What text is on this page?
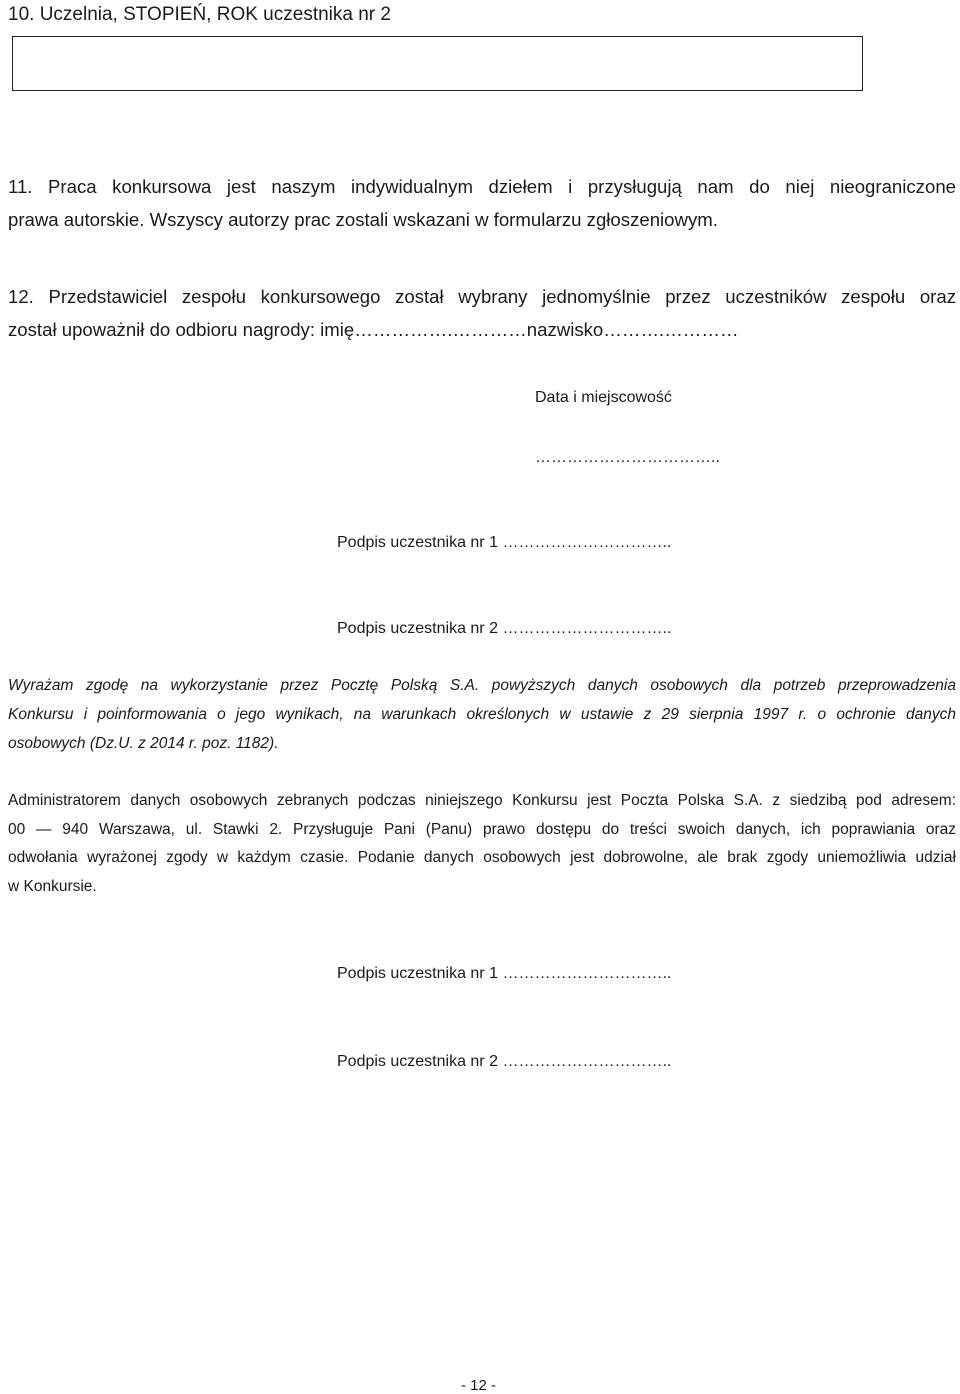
10. Uczelnia, STOPIEŃ, ROK uczestnika nr 2
11. Praca konkursowa jest naszym indywidualnym dziełem i przysługują nam do niej nieograniczone
prawa autorskie. Wszyscy autorzy prac zostali wskazani w formularzu zgłoszeniowym.
12. Przedstawiciel zespołu konkursowego został wybrany jednomyślnie przez uczestników zespołu oraz
został upoważnił do odbioru nagrody: imię…………….…………nazwisko……….…………
Data i miejscowość
……………………………..
Podpis uczestnika nr 1 …………………………..
Podpis uczestnika nr 2 …………………………..
Wyrażam zgodę na wykorzystanie przez Pocztę Polską S.A. powyższych danych osobowych dla potrzeb przeprowadzenia
Konkursu i poinformowania o jego wynikach, na warunkach określonych w ustawie z 29 sierpnia 1997 r. o ochronie danych
osobowych (Dz.U. z 2014 r. poz. 1182).
Administratorem danych osobowych zebranych podczas niniejszego Konkursu jest Poczta Polska S.A. z siedzibą pod adresem:
00 — 940 Warszawa, ul. Stawki 2. Przysługuje Pani (Panu) prawo dostępu do treści swoich danych, ich poprawiania oraz
odwołania wyrażonej zgody w każdym czasie. Podanie danych osobowych jest dobrowolne, ale brak zgody uniemożliwia udział
w Konkursie.
Podpis uczestnika nr 1 …………………………..
Podpis uczestnika nr 2 …………………………..
- 12 -
